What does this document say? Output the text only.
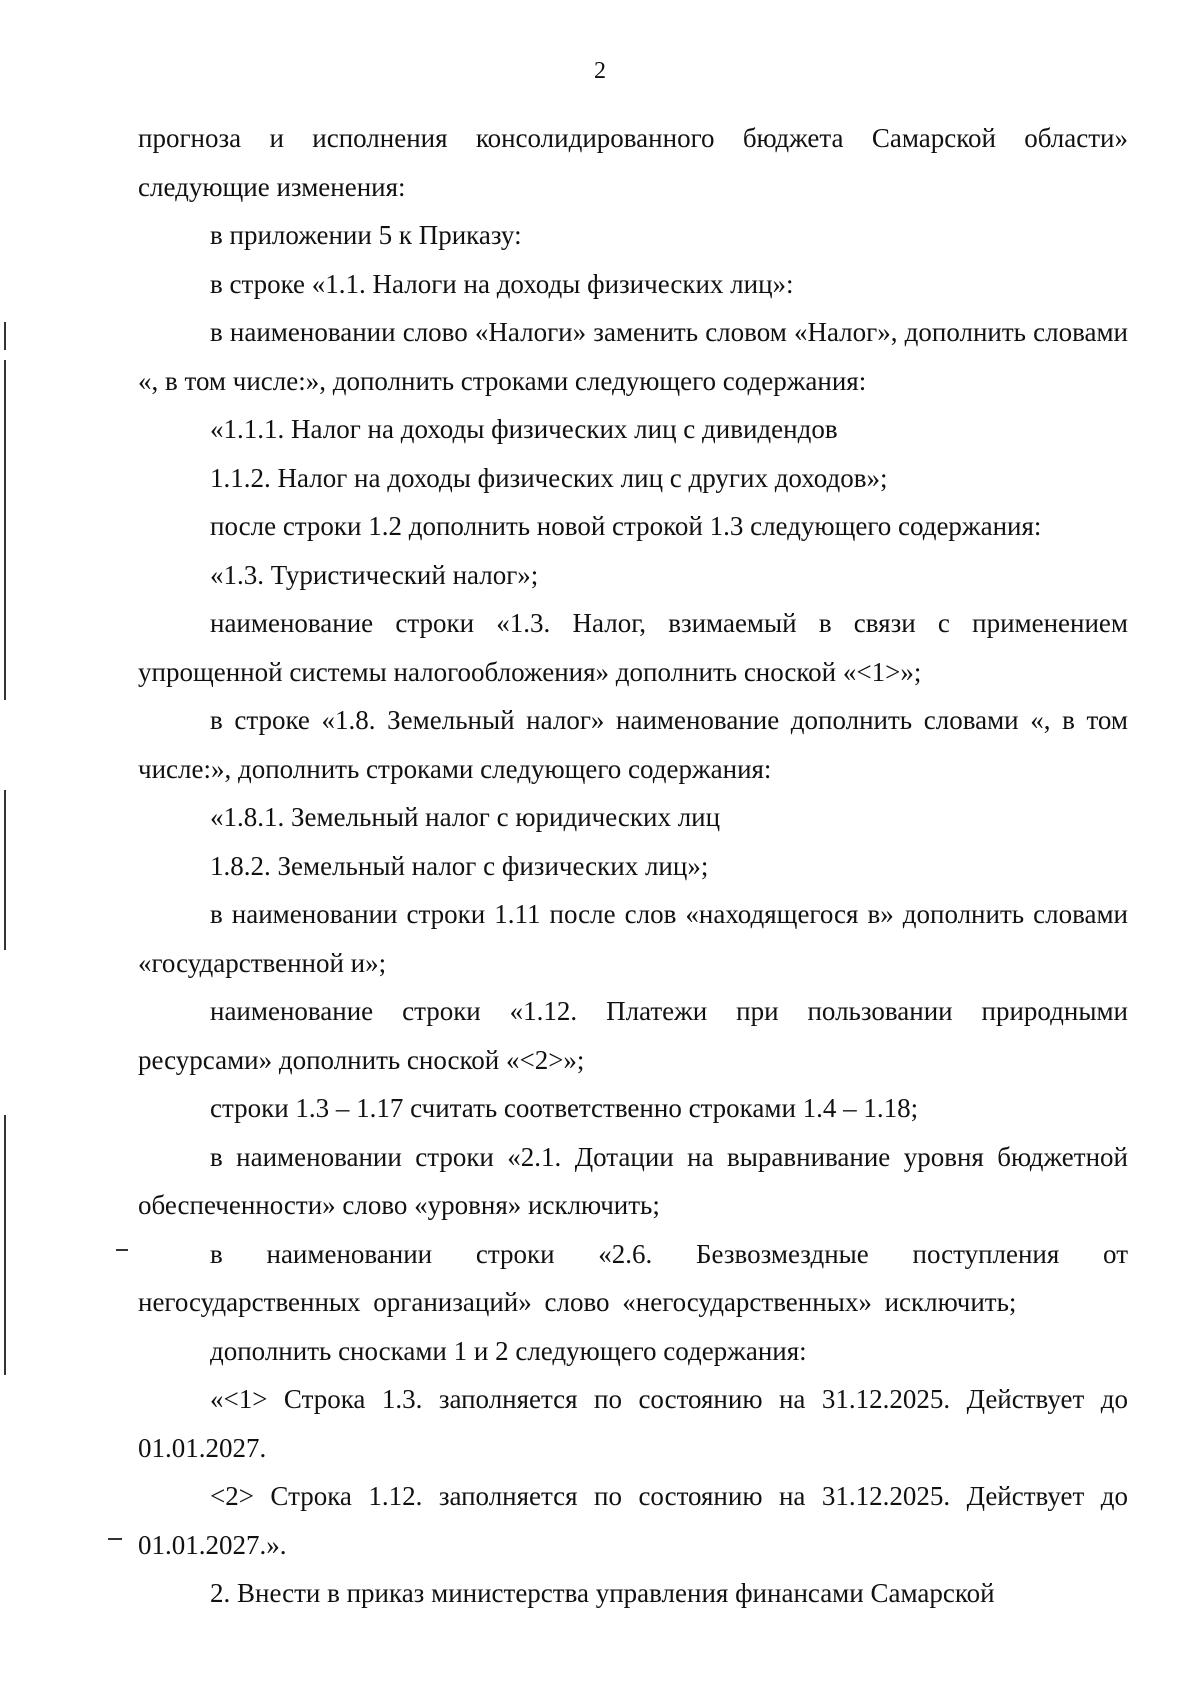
2

прогноза и исполнения консолидированного бюджета Самарской области» следующие изменения:

в приложении 5 к Приказу:

в строке «1.1. Налоги на доходы физических лиц»:

в наименовании слово «Налоги» заменить словом «Налог», дополнить словами «, в том числе:», дополнить строками следующего содержания:

«1.1.1. Налог на доходы физических лиц с дивидендов

1.1.2. Налог на доходы физических лиц с других доходов»;

после строки 1.2 дополнить новой строкой 1.3 следующего содержания:

«1.3. Туристический налог»;

наименование строки «1.3. Налог, взимаемый в связи с применением упрощенной системы налогообложения» дополнить сноской «<1>»;

в строке «1.8. Земельный налог» наименование дополнить словами «, в том числе:», дополнить строками следующего содержания:

«1.8.1. Земельный налог с юридических лиц

1.8.2. Земельный налог с физических лиц»;

в наименовании строки 1.11 после слов «находящегося в» дополнить словами «государственной и»;

наименование строки «1.12. Платежи при пользовании природными ресурсами» дополнить сноской «<2>»;

строки 1.3 – 1.17 считать соответственно строками 1.4 – 1.18;

в наименовании строки «2.1. Дотации на выравнивание уровня бюджетной обеспеченности» слово «уровня» исключить;

в наименовании строки «2.6. Безвозмездные поступления от негосударственных организаций» слово «негосударственных» исключить;

дополнить сносками 1 и 2 следующего содержания:

«<1> Строка 1.3. заполняется по состоянию на 31.12.2025. Действует до 01.01.2027.

<2> Строка 1.12. заполняется по состоянию на 31.12.2025. Действует до 01.01.2027.».

2. Внести в приказ министерства управления финансами Самарской
